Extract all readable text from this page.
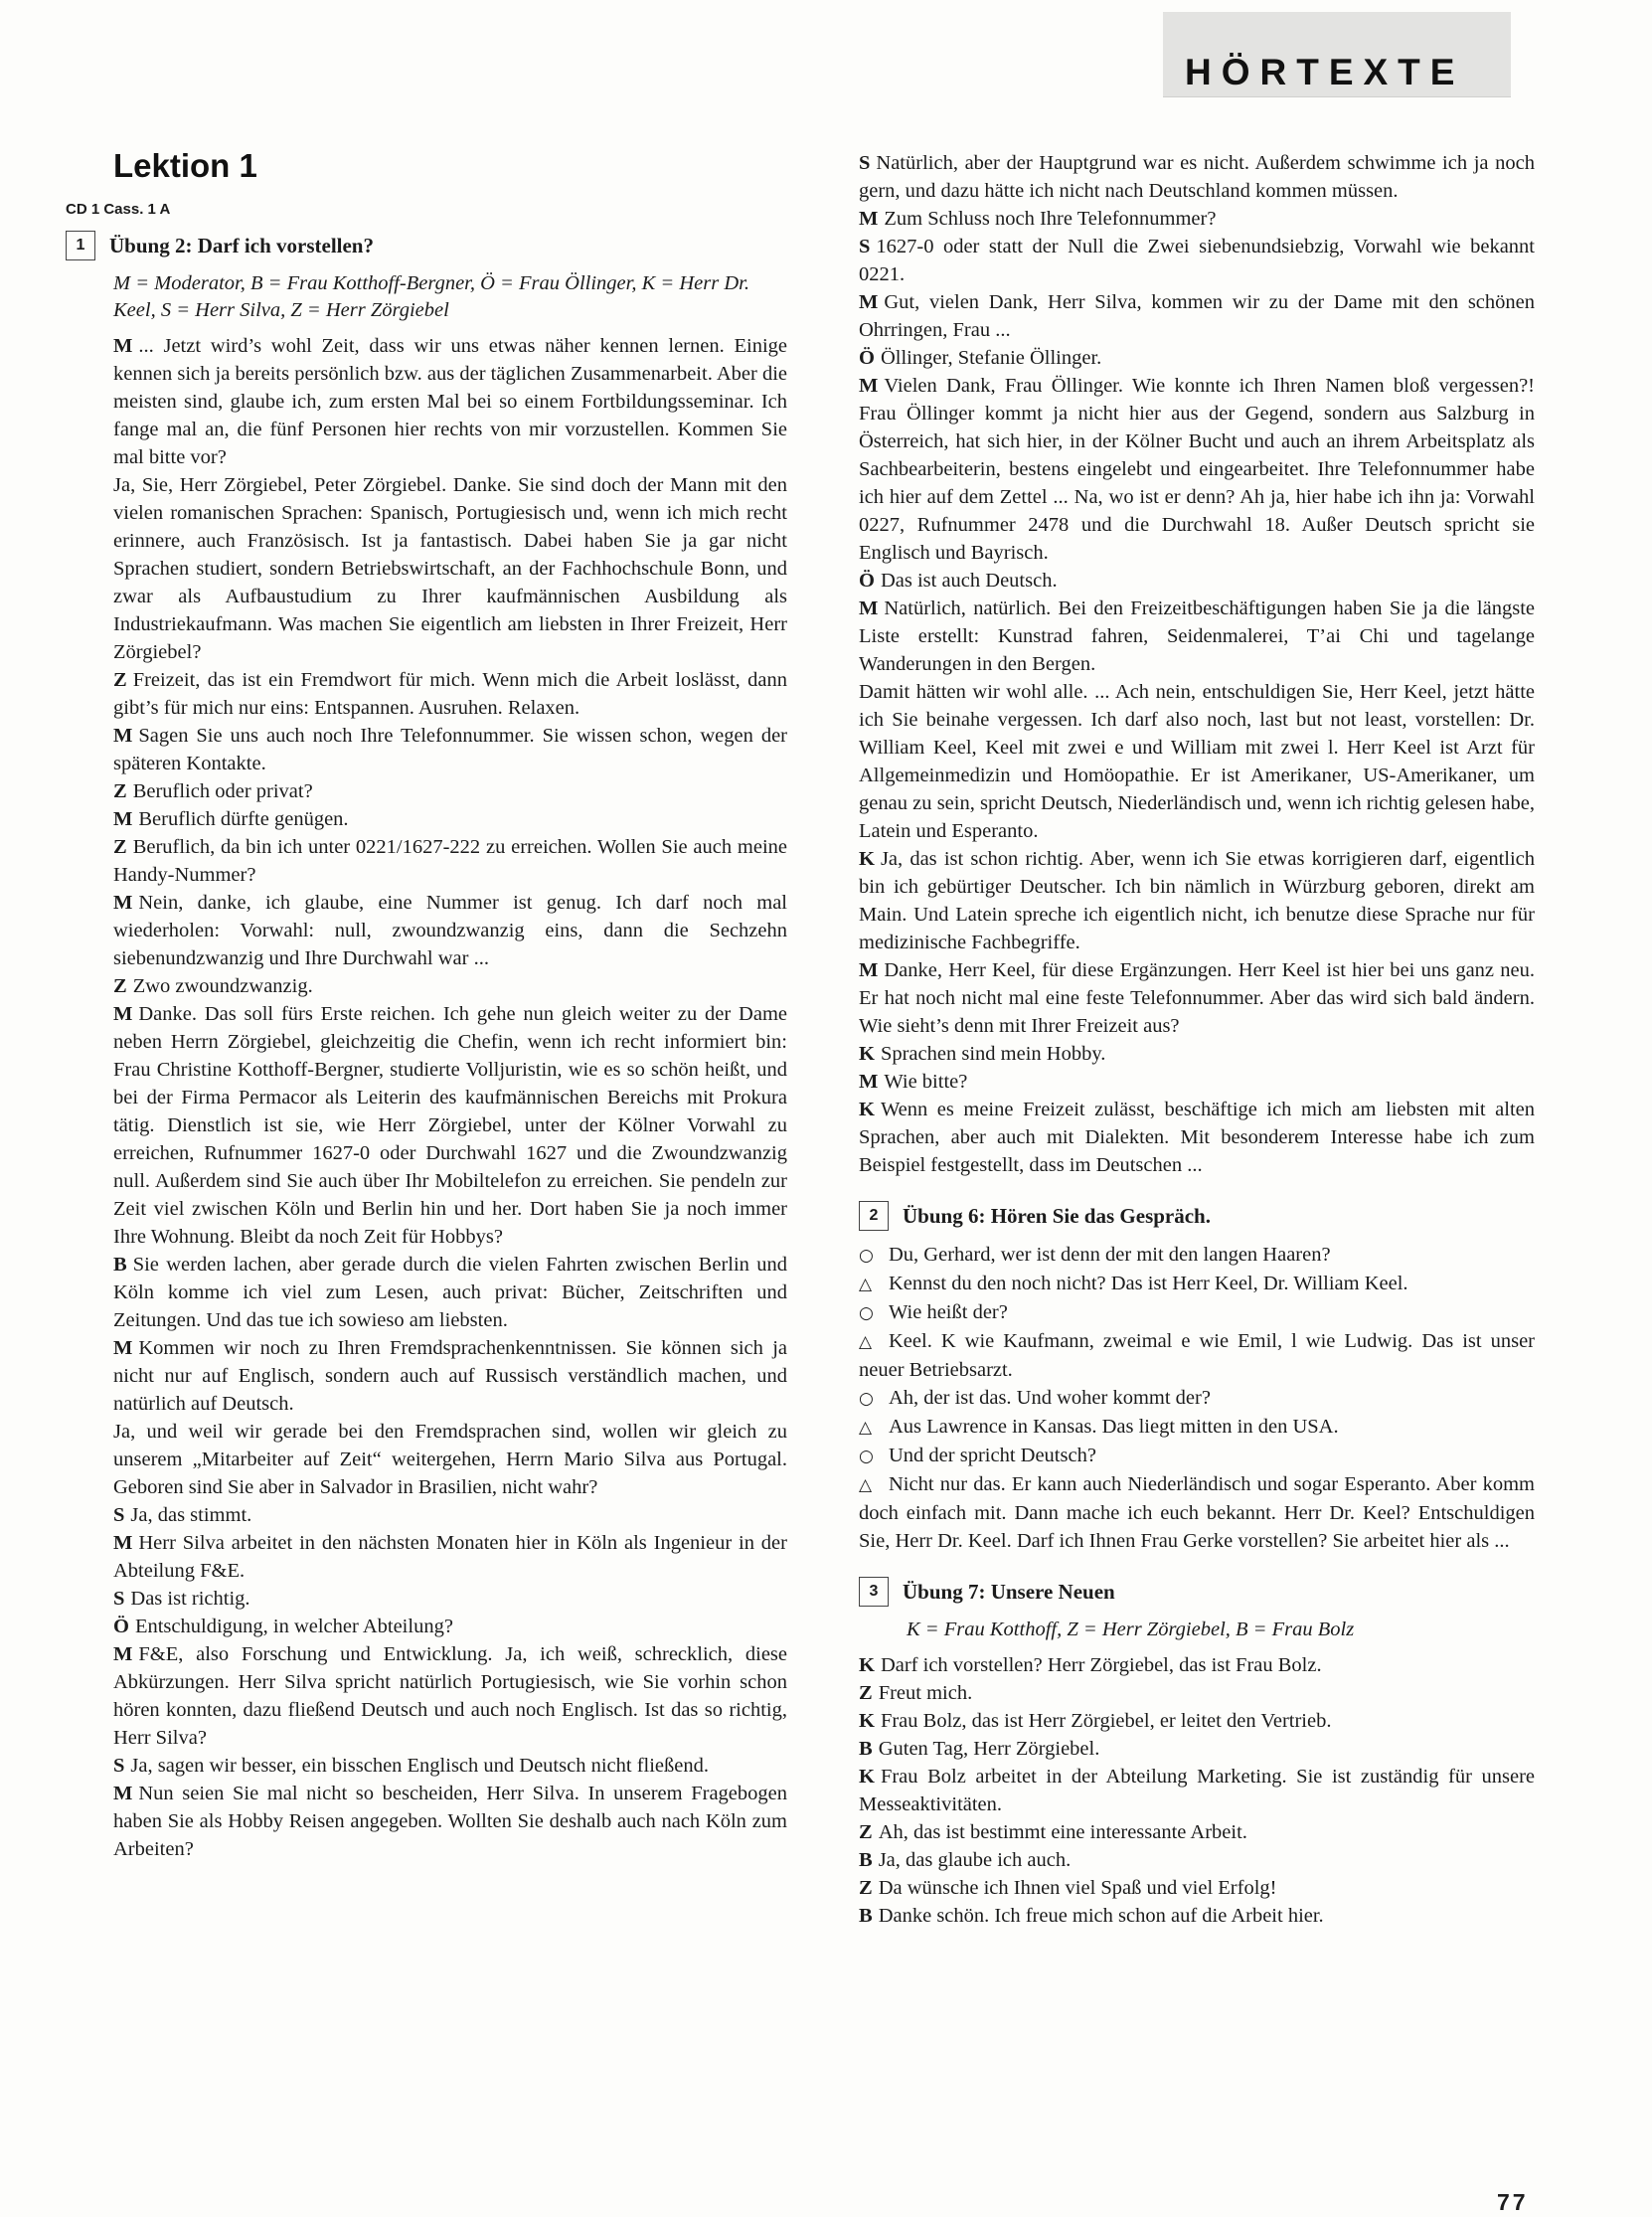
HÖRTEXTE
Lektion 1
CD 1 Cass. 1 A
1	Übung 2: Darf ich vorstellen?
M = Moderator, B = Frau Kotthoff-Bergner, Ö = Frau Öllinger, K = Herr Dr. Keel, S = Herr Silva, Z = Herr Zörgiebel
M ... Jetzt wird’s wohl Zeit, dass wir uns etwas näher kennen lernen. Einige kennen sich ja bereits persönlich bzw. aus der täglichen Zusammenarbeit. Aber die meisten sind, glaube ich, zum ersten Mal bei so einem Fortbildungsseminar. Ich fange mal an, die fünf Personen hier rechts von mir vorzustellen. Kommen Sie mal bitte vor?
Ja, Sie, Herr Zörgiebel, Peter Zörgiebel. Danke. Sie sind doch der Mann mit den vielen romanischen Sprachen: Spanisch, Portugiesisch und, wenn ich mich recht erinnere, auch Französisch. Ist ja fantastisch. Dabei haben Sie ja gar nicht Sprachen studiert, sondern Betriebswirtschaft, an der Fachhochschule Bonn, und zwar als Aufbaustudium zu Ihrer kaufmännischen Ausbildung als Industriekaufmann. Was machen Sie eigentlich am liebsten in Ihrer Freizeit, Herr Zörgiebel?
Z Freizeit, das ist ein Fremdwort für mich. Wenn mich die Arbeit loslässt, dann gibt’s für mich nur eins: Entspannen. Ausruhen. Relaxen.
M Sagen Sie uns auch noch Ihre Telefonnummer. Sie wissen schon, wegen der späteren Kontakte.
Z Beruflich oder privat?
M Beruflich dürfte genügen.
Z Beruflich, da bin ich unter 0221/1627-222 zu erreichen. Wollen Sie auch meine Handy-Nummer?
M Nein, danke, ich glaube, eine Nummer ist genug. Ich darf noch mal wiederholen: Vorwahl: null, zwoundzwanzig eins, dann die Sechzehn siebenundzwanzig und Ihre Durchwahl war ...
Z Zwo zwoundzwanzig.
M Danke. Das soll fürs Erste reichen. Ich gehe nun gleich weiter zu der Dame neben Herrn Zörgiebel, gleichzeitig die Chefin, wenn ich recht informiert bin: Frau Christine Kotthoff-Bergner, studierte Volljuristin, wie es so schön heißt, und bei der Firma Permacor als Leiterin des kaufmännischen Bereichs mit Prokura tätig. Dienstlich ist sie, wie Herr Zörgiebel, unter der Kölner Vorwahl zu erreichen, Rufnummer 1627-0 oder Durchwahl 1627 und die Zwoundzwanzig null. Außerdem sind Sie auch über Ihr Mobiltelefon zu erreichen. Sie pendeln zur Zeit viel zwischen Köln und Berlin hin und her. Dort haben Sie ja noch immer Ihre Wohnung. Bleibt da noch Zeit für Hobbys?
B Sie werden lachen, aber gerade durch die vielen Fahrten zwischen Berlin und Köln komme ich viel zum Lesen, auch privat: Bücher, Zeitschriften und Zeitungen. Und das tue ich sowieso am liebsten.
M Kommen wir noch zu Ihren Fremdsprachenkenntnissen. Sie können sich ja nicht nur auf Englisch, sondern auch auf Russisch verständlich machen, und natürlich auf Deutsch.
Ja, und weil wir gerade bei den Fremdsprachen sind, wollen wir gleich zu unserem „Mitarbeiter auf Zeit“ weitergehen, Herrn Mario Silva aus Portugal. Geboren sind Sie aber in Salvador in Brasilien, nicht wahr?
S Ja, das stimmt.
M Herr Silva arbeitet in den nächsten Monaten hier in Köln als Ingenieur in der Abteilung F&E.
S Das ist richtig.
Ö Entschuldigung, in welcher Abteilung?
M F&E, also Forschung und Entwicklung. Ja, ich weiß, schrecklich, diese Abkürzungen. Herr Silva spricht natürlich Portugiesisch, wie Sie vorhin schon hören konnten, dazu fließend Deutsch und auch noch Englisch. Ist das so richtig, Herr Silva?
S Ja, sagen wir besser, ein bisschen Englisch und Deutsch nicht fließend.
M Nun seien Sie mal nicht so bescheiden, Herr Silva. In unserem Fragebogen haben Sie als Hobby Reisen angegeben. Wollten Sie deshalb auch nach Köln zum Arbeiten?
S Natürlich, aber der Hauptgrund war es nicht. Außerdem schwimme ich ja noch gern, und dazu hätte ich nicht nach Deutschland kommen müssen.
M Zum Schluss noch Ihre Telefonnummer?
S 1627-0 oder statt der Null die Zwei siebenundsiebzig, Vorwahl wie bekannt 0221.
M Gut, vielen Dank, Herr Silva, kommen wir zu der Dame mit den schönen Ohrringen, Frau ...
Ö Öllinger, Stefanie Öllinger.
M Vielen Dank, Frau Öllinger. Wie konnte ich Ihren Namen bloß vergessen?! Frau Öllinger kommt ja nicht hier aus der Gegend, sondern aus Salzburg in Österreich, hat sich hier, in der Kölner Bucht und auch an ihrem Arbeitsplatz als Sachbearbeiterin, bestens eingelebt und eingearbeitet. Ihre Telefonnummer habe ich hier auf dem Zettel ... Na, wo ist er denn? Ah ja, hier habe ich ihn ja: Vorwahl 0227, Rufnummer 2478 und die Durchwahl 18. Außer Deutsch spricht sie Englisch und Bayrisch.
Ö Das ist auch Deutsch.
M Natürlich, natürlich. Bei den Freizeitbeschäftigungen haben Sie ja die längste Liste erstellt: Kunstrad fahren, Seidenmalerei, T’ai Chi und tagelange Wanderungen in den Bergen.
Damit hätten wir wohl alle. ... Ach nein, entschuldigen Sie, Herr Keel, jetzt hätte ich Sie beinahe vergessen. Ich darf also noch, last but not least, vorstellen: Dr. William Keel, Keel mit zwei e und William mit zwei l. Herr Keel ist Arzt für Allgemeinmedizin und Homöopathie. Er ist Amerikaner, US-Amerikaner, um genau zu sein, spricht Deutsch, Niederländisch und, wenn ich richtig gelesen habe, Latein und Esperanto.
K Ja, das ist schon richtig. Aber, wenn ich Sie etwas korrigieren darf, eigentlich bin ich gebürtiger Deutscher. Ich bin nämlich in Würzburg geboren, direkt am Main. Und Latein spreche ich eigentlich nicht, ich benutze diese Sprache nur für medizinische Fachbegriffe.
M Danke, Herr Keel, für diese Ergänzungen. Herr Keel ist hier bei uns ganz neu. Er hat noch nicht mal eine feste Telefonnummer. Aber das wird sich bald ändern. Wie sieht’s denn mit Ihrer Freizeit aus?
K Sprachen sind mein Hobby.
M Wie bitte?
K Wenn es meine Freizeit zulässt, beschäftige ich mich am liebsten mit alten Sprachen, aber auch mit Dialekten. Mit besonderem Interesse habe ich zum Beispiel festgestellt, dass im Deutschen ...
2	Übung 6: Hören Sie das Gespräch.
○ Du, Gerhard, wer ist denn der mit den langen Haaren?
△ Kennst du den noch nicht? Das ist Herr Keel, Dr. William Keel.
○ Wie heißt der?
△ Keel. K wie Kaufmann, zweimal e wie Emil, l wie Ludwig. Das ist unser neuer Betriebsarzt.
○ Ah, der ist das. Und woher kommt der?
△ Aus Lawrence in Kansas. Das liegt mitten in den USA.
○ Und der spricht Deutsch?
△ Nicht nur das. Er kann auch Niederländisch und sogar Esperanto. Aber komm doch einfach mit. Dann mache ich euch bekannt. Herr Dr. Keel? Entschuldigen Sie, Herr Dr. Keel. Darf ich Ihnen Frau Gerke vorstellen? Sie arbeitet hier als ...
3	Übung 7: Unsere Neuen
K = Frau Kotthoff, Z = Herr Zörgiebel, B = Frau Bolz
K Darf ich vorstellen? Herr Zörgiebel, das ist Frau Bolz.
Z Freut mich.
K Frau Bolz, das ist Herr Zörgiebel, er leitet den Vertrieb.
B Guten Tag, Herr Zörgiebel.
K Frau Bolz arbeitet in der Abteilung Marketing. Sie ist zuständig für unsere Messeaktivitäten.
Z Ah, das ist bestimmt eine interessante Arbeit.
B Ja, das glaube ich auch.
Z Da wünsche ich Ihnen viel Spaß und viel Erfolg!
B Danke schön. Ich freue mich schon auf die Arbeit hier.
77
